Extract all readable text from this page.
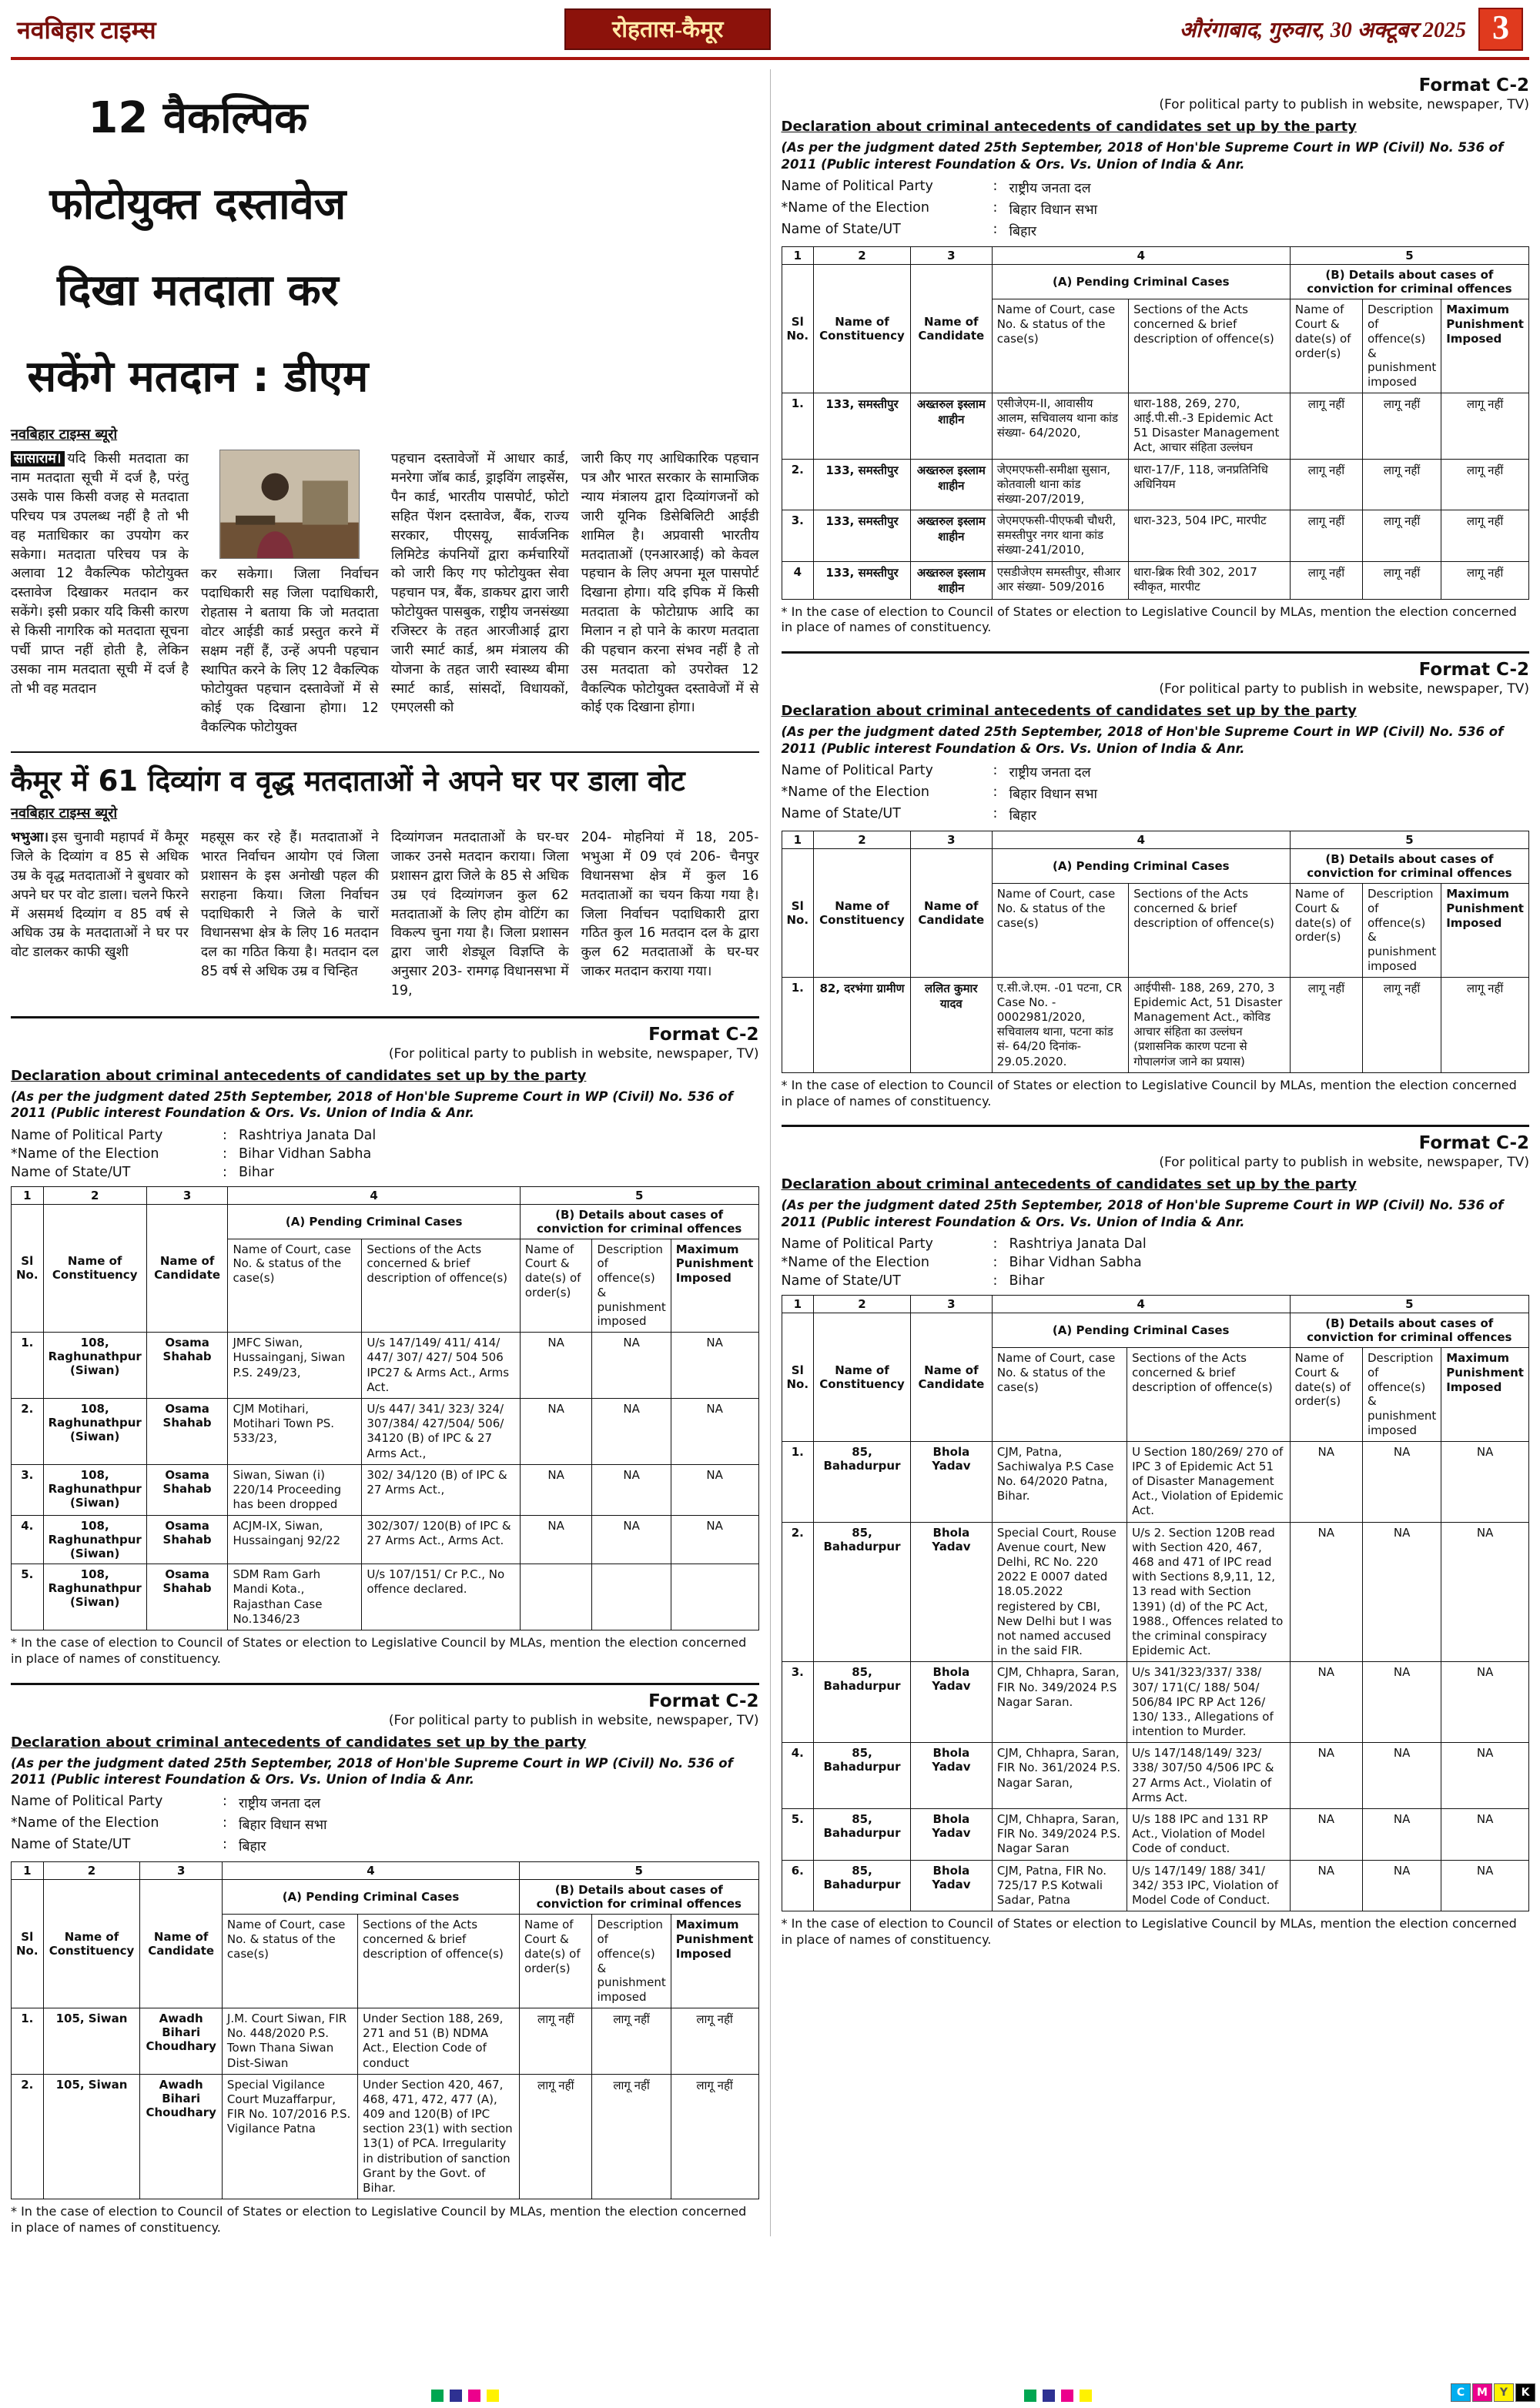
नवबिहार टाइम्स	रोहतास-कैमूर	औरंगाबाद, गुरुवार, 30 अक्टूबर 2025 3
12 वैकल्पिक फोटोयुक्त दस्तावेज दिखा मतदाता कर सकेंगे मतदान : डीएम
नवबिहार टाइम्स ब्यूरो
सासाराम। यदि किसी मतदाता का नाम मतदाता सूची में दर्ज है, परंतु उसके पास किसी वजह से मतदाता परिचय पत्र उपलब्ध नहीं है तो भी वह मताधिकार का उपयोग कर सकेगा। मतदाता परिचय पत्र के अलावा 12 वैकल्पिक फोटोयुक्त दस्तावेज दिखाकर मतदान कर सकेंगे। इसी प्रकार यदि किसी कारण से किसी नागरिक को मतदाता सूचना पर्ची प्राप्त नहीं होती है, लेकिन उसका नाम मतदाता सूची में दर्ज है तो भी वह मतदान
कर सकेगा। जिला निर्वाचन पदाधिकारी सह जिला पदाधिकारी, रोहतास ने बताया कि जो मतदाता वोटर आईडी कार्ड प्रस्तुत करने में सक्षम नहीं हैं, उन्हें अपनी पहचान स्थापित करने के लिए 12 वैकल्पिक फोटोयुक्त पहचान दस्तावेजों में से कोई एक दिखाना होगा। 12 वैकल्पिक फोटोयुक्त
पहचान दस्तावेजों में आधार कार्ड, मनरेगा जॉब कार्ड, ड्राइविंग लाइसेंस, पैन कार्ड, भारतीय पासपोर्ट, फोटो सहित पेंशन दस्तावेज, बैंक, राज्य सरकार, पीएसयू, सार्वजनिक लिमिटेड कंपनियों द्वारा कर्मचारियों को जारी किए गए फोटोयुक्त सेवा पहचान पत्र, बैंक, डाकघर द्वारा जारी फोटोयुक्त पासबुक, राष्ट्रीय जनसंख्या रजिस्टर के तहत आरजीआई द्वारा जारी स्मार्ट कार्ड, श्रम मंत्रालय की योजना के तहत जारी स्वास्थ्य बीमा स्मार्ट कार्ड, सांसदों, विधायकों, एमएलसी को
जारी किए गए आधिकारिक पहचान पत्र और भारत सरकार के सामाजिक न्याय मंत्रालय द्वारा दिव्यांगजनों को जारी यूनिक डिसेबिलिटी आईडी शामिल है। अप्रवासी भारतीय मतदाताओं (एनआरआई) को केवल पहचान के लिए अपना मूल पासपोर्ट दिखाना होगा। यदि इपिक में किसी मतदाता के फोटोग्राफ आदि का मिलान न हो पाने के कारण मतदाता की पहचान करना संभव नहीं है तो उस मतदाता को उपरोक्त 12 वैकल्पिक फोटोयुक्त दस्तावेजों में से कोई एक दिखाना होगा।
कैमूर में 61 दिव्यांग व वृद्ध मतदाताओं ने अपने घर पर डाला वोट
नवबिहार टाइम्स ब्यूरो
भभुआ। इस चुनावी महापर्व में कैमूर जिले के दिव्यांग व 85 से अधिक उम्र के वृद्ध मतदाताओं ने बुधवार को अपने घर पर वोट डाला। चलने फिरने में असमर्थ दिव्यांग व 85 वर्ष से अधिक उम्र के मतदाताओं ने घर पर वोट डालकर काफी खुशी
महसूस कर रहे हैं। मतदाताओं ने भारत निर्वाचन आयोग एवं जिला प्रशासन के इस अनोखी पहल की सराहना किया। जिला निर्वाचन पदाधिकारी ने जिले के चारों विधानसभा क्षेत्र के लिए 16 मतदान दल का गठित किया है। मतदान दल 85 वर्ष से अधिक उम्र व चिन्हित
दिव्यांगजन मतदाताओं के घर-घर जाकर उनसे मतदान कराया। जिला प्रशासन द्वारा जिले के 85 से अधिक उम्र एवं दिव्यांगजन कुल 62 मतदाताओं के लिए होम वोटिंग का विकल्प चुना गया है। जिला प्रशासन द्वारा जारी शेड्यूल विज्ञप्ति के अनुसार 203- रामगढ़ विधानसभा में 19,
204- मोहनियां में 18, 205- भभुआ में 09 एवं 206- चैनपुर विधानसभा क्षेत्र में कुल 16 मतदाताओं का चयन किया गया है। जिला निर्वाचन पदाधिकारी द्वारा गठित कुल 16 मतदान दल के द्वारा कुल 62 मतदाताओं के घर-घर जाकर मतदान कराया गया।
Format C-2
(For political party to publish in website, newspaper, TV)
Declaration about criminal antecedents of candidates set up by the party
(As per the judgment dated 25th September, 2018 of Hon'ble Supreme Court in WP (Civil) No. 536 of 2011 (Public interest Foundation & Ors. Vs. Union of India & Anr.
Name of Political Party	: Rashtriya Janata Dal
*Name of the Election	: Bihar Vidhan Sabha
Name of State/UT	: Bihar
1	2	3	4		5		
Sl No.	Name of Constituency	Name of Candidate	(A) Pending Criminal Cases		(B) Details about cases of conviction for criminal offences		
			Name of Court, case No. & status of the case(s)	Sections of the Acts concerned & brief description of offence(s)	Name of Court & date(s) of order(s)	Description of offence(s) & punishment imposed	Maximum Punishment Imposed
1.	108, Raghunathpur (Siwan)	Osama Shahab	JMFC Siwan, Hussainganj, Siwan P.S. 249/23,	U/s 147/149/ 411/ 414/ 447/ 307/ 427/ 504 506 IPC27 & Arms Act., Arms Act.	NA	NA	NA
2.	108, Raghunathpur (Siwan)	Osama Shahab	CJM Motihari, Motihari Town PS. 533/23,	U/s 447/ 341/ 323/ 324/ 307/384/ 427/504/ 506/ 34120 (B) of IPC & 27 Arms Act.,	NA	NA	NA
3.	108, Raghunathpur (Siwan)	Osama Shahab	Siwan, Siwan (i) 220/14 Proceeding has been dropped	302/ 34/120 (B) of IPC & 27 Arms Act.,	NA	NA	NA
4.	108, Raghunathpur (Siwan)	Osama Shahab	ACJM-IX, Siwan, Hussainganj 92/22	302/307/ 120(B) of IPC & 27 Arms Act., Arms Act.	NA	NA	NA
5.	108, Raghunathpur (Siwan)	Osama Shahab	SDM Ram Garh Mandi Kota., Rajasthan Case No.1346/23	U/s 107/151/ Cr P.C., No offence declared.			
* In the case of election to Council of States or election to Legislative Council by MLAs, mention the election concerned in place of names of constituency.
Format C-2
(For political party to publish in website, newspaper, TV)
Declaration about criminal antecedents of candidates set up by the party
(As per the judgment dated 25th September, 2018 of Hon'ble Supreme Court in WP (Civil) No. 536 of 2011 (Public interest Foundation & Ors. Vs. Union of India & Anr.
Name of Political Party	: राष्ट्रीय जनता दल
*Name of the Election	: बिहार विधान सभा
Name of State/UT	: बिहार
1	2	3	4		5		
Sl No.	Name of Constituency	Name of Candidate	(A) Pending Criminal Cases		(B) Details about cases of conviction for criminal offences		
			Name of Court, case No. & status of the case(s)	Sections of the Acts concerned & brief description of offence(s)	Name of Court & date(s) of order(s)	Description of offence(s) & punishment imposed	Maximum Punishment Imposed
1.	105, Siwan	Awadh Bihari Choudhary	J.M. Court Siwan, FIR No. 448/2020 P.S. Town Thana Siwan Dist-Siwan	Under Section 188, 269, 271 and 51 (B) NDMA Act., Election Code of conduct	लागू नहीं	लागू नहीं	लागू नहीं
2.	105, Siwan	Awadh Bihari Choudhary	Special Vigilance Court Muzaffarpur, FIR No. 107/2016 P.S. Vigilance Patna	Under Section 420, 467, 468, 471, 472, 477 (A), 409 and 120(B) of IPC section 23(1) with section 13(1) of PCA. Irregularity in distribution of sanction Grant by the Govt. of Bihar.	लागू नहीं	लागू नहीं	लागू नहीं
* In the case of election to Council of States or election to Legislative Council by MLAs, mention the election concerned in place of names of constituency.
Format C-2
(For political party to publish in website, newspaper, TV)
Declaration about criminal antecedents of candidates set up by the party
(As per the judgment dated 25th September, 2018 of Hon'ble Supreme Court in WP (Civil) No. 536 of 2011 (Public interest Foundation & Ors. Vs. Union of India & Anr.
Name of Political Party	: राष्ट्रीय जनता दल
*Name of the Election	: बिहार विधान सभा
Name of State/UT	: बिहार
1	2	3	4		5		
Sl No.	Name of Constituency	Name of Candidate	(A) Pending Criminal Cases		(B) Details about cases of conviction for criminal offences		
			Name of Court, case No. & status of the case(s)	Sections of the Acts concerned & brief description of offence(s)	Name of Court & date(s) of order(s)	Description of offence(s) & punishment imposed	Maximum Punishment Imposed
1.	133, समस्तीपुर	अख्तरुल इस्लाम शाहीन	एसीजेएम-II, आवासीय आलम, सचिवालय थाना कांड संख्या- 64/2020,	धारा-188, 269, 270, आई.पी.सी.-3 Epidemic Act 51 Disaster Management Act, आचार संहिता उल्लंघन	लागू नहीं	लागू नहीं	लागू नहीं
2.	133, समस्तीपुर	अख्तरुल इस्लाम शाहीन	जेएमएफसी-समीक्षा सुसान, कोतवाली थाना कांड संख्या-207/2019,	धारा-17/F, 118, जनप्रतिनिधि अधिनियम	लागू नहीं	लागू नहीं	लागू नहीं
3.	133, समस्तीपुर	अख्तरुल इस्लाम शाहीन	जेएमएफसी-पीएफबी चौधरी, समस्तीपुर नगर थाना कांड संख्या-241/2010,	धारा-323, 504 IPC, मारपीट	लागू नहीं	लागू नहीं	लागू नहीं
4	133, समस्तीपुर	अख्तरुल इस्लाम शाहीन	एसडीजेएम समस्तीपुर, सीआर आर संख्या- 509/2016	धारा-ब्रिक रिवी 302, 2017 स्वीकृत, मारपीट	लागू नहीं	लागू नहीं	लागू नहीं
* In the case of election to Council of States or election to Legislative Council by MLAs, mention the election concerned in place of names of constituency.
Format C-2
(For political party to publish in website, newspaper, TV)
Declaration about criminal antecedents of candidates set up by the party
(As per the judgment dated 25th September, 2018 of Hon'ble Supreme Court in WP (Civil) No. 536 of 2011 (Public interest Foundation & Ors. Vs. Union of India & Anr.
Name of Political Party	: राष्ट्रीय जनता दल
*Name of the Election	: बिहार विधान सभा
Name of State/UT	: बिहार
1	2	3	4		5		
Sl No.	Name of Constituency	Name of Candidate	(A) Pending Criminal Cases		(B) Details about cases of conviction for criminal offences		
			Name of Court, case No. & status of the case(s)	Sections of the Acts concerned & brief description of offence(s)	Name of Court & date(s) of order(s)	Description of offence(s) & punishment imposed	Maximum Punishment Imposed
1.	82, दरभंगा ग्रामीण	ललित कुमार यादव	ए.सी.जे.एम. -01 पटना, CR Case No. - 0002981/2020, सचिवालय थाना, पटना कांड सं- 64/20 दिनांक- 29.05.2020.	आईपीसी- 188, 269, 270, 3 Epidemic Act, 51 Disaster Management Act., कोविड आचार संहिता का उल्लंघन (प्रशासनिक कारण पटना से गोपालगंज जाने का प्रयास)	लागू नहीं	लागू नहीं	लागू नहीं
* In the case of election to Council of States or election to Legislative Council by MLAs, mention the election concerned in place of names of constituency.
Format C-2
(For political party to publish in website, newspaper, TV)
Declaration about criminal antecedents of candidates set up by the party
(As per the judgment dated 25th September, 2018 of Hon'ble Supreme Court in WP (Civil) No. 536 of 2011 (Public interest Foundation & Ors. Vs. Union of India & Anr.
Name of Political Party	: Rashtriya Janata Dal
*Name of the Election	: Bihar Vidhan Sabha
Name of State/UT	: Bihar
1	2	3	4		5		
Sl No.	Name of Constituency	Name of Candidate	(A) Pending Criminal Cases		(B) Details about cases of conviction for criminal offences		
			Name of Court, case No. & status of the case(s)	Sections of the Acts concerned & brief description of offence(s)	Name of Court & date(s) of order(s)	Description of offence(s) & punishment imposed	Maximum Punishment Imposed
1.	85, Bahadurpur	Bhola Yadav	CJM, Patna, Sachiwalya P.S Case No. 64/2020 Patna, Bihar.	U Section 180/269/ 270 of IPC 3 of Epidemic Act 51 of Disaster Management Act., Violation of Epidemic Act.	NA	NA	NA
2.	85, Bahadurpur	Bhola Yadav	Special Court, Rouse Avenue court, New Delhi, RC No. 220 2022 E 0007 dated 18.05.2022 registered by CBI, New Delhi but I was not named accused in the said FIR.	U/s 2. Section 120B read with Section 420, 467, 468 and 471 of IPC read with Sections 8,9,11, 12, 13 read with Section 1391) (d) of the PC Act, 1988., Offences related to the criminal conspiracy Epidemic Act.	NA	NA	NA
3.	85, Bahadurpur	Bhola Yadav	CJM, Chhapra, Saran, FIR No. 349/2024 P.S Nagar Saran.	U/s 341/323/337/ 338/ 307/ 171(C/ 188/ 504/ 506/84 IPC RP Act 126/ 130/ 133., Allegations of intention to Murder.	NA	NA	NA
4.	85, Bahadurpur	Bhola Yadav	CJM, Chhapra, Saran, FIR No. 361/2024 P.S. Nagar Saran,	U/s 147/148/149/ 323/ 338/ 307/50 4/506 IPC & 27 Arms Act., Violatin of Arms Act.	NA	NA	NA
5.	85, Bahadurpur	Bhola Yadav	CJM, Chhapra, Saran, FIR No. 349/2024 P.S. Nagar Saran	U/s 188 IPC and 131 RP Act., Violation of Model Code of conduct.	NA	NA	NA
6.	85, Bahadurpur	Bhola Yadav	CJM, Patna, FIR No. 725/17 P.S Kotwali Sadar, Patna	U/s 147/149/ 188/ 341/ 342/ 353 IPC, Violation of Model Code of Conduct.	NA	NA	NA
* In the case of election to Council of States or election to Legislative Council by MLAs, mention the election concerned in place of names of constituency.
C	M	Y	K
